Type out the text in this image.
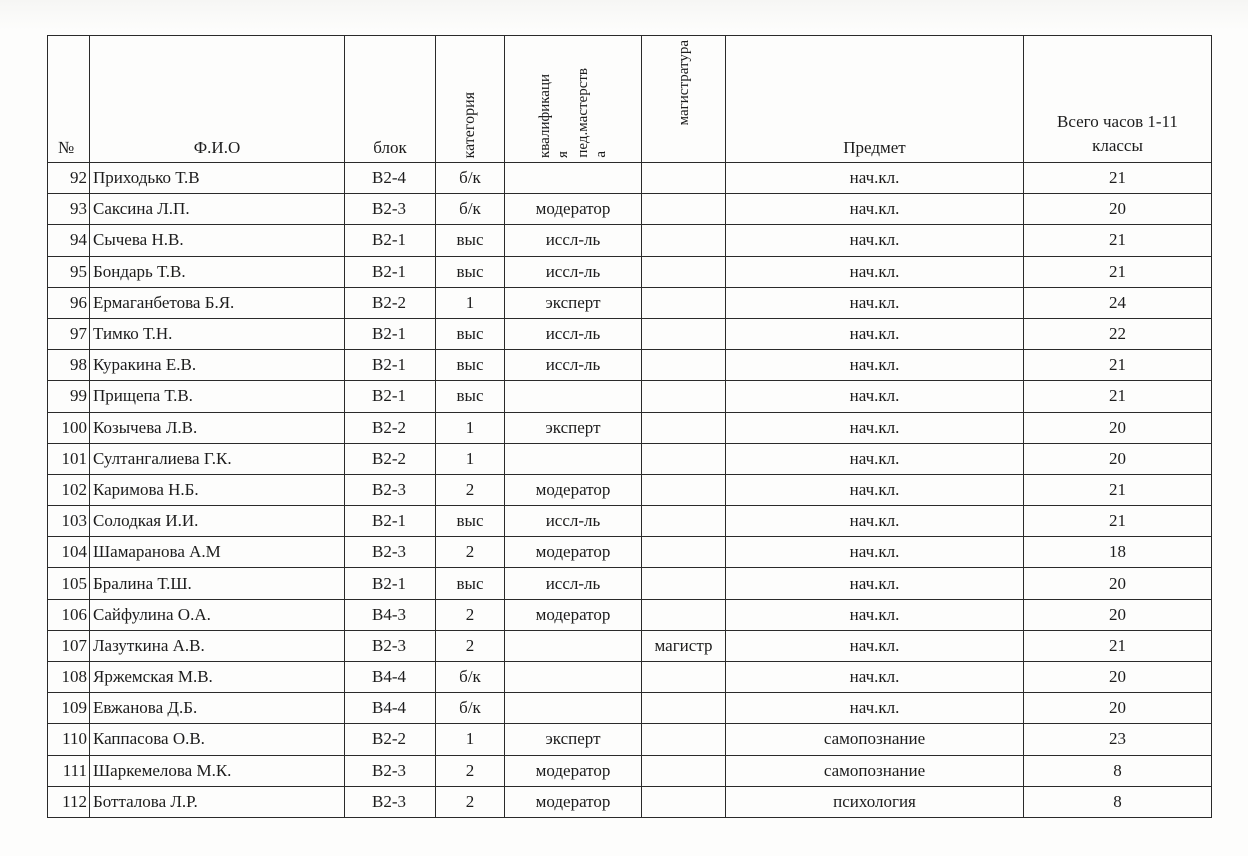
№	Ф.И.О	блок	категория	квалификаци я пед.мастерств а	магистратура	Предмет	Всего часов 1-11 классы
92	Приходько Т.В	В2-4	б/к			нач.кл.	21
93	Саксина Л.П.	В2-3	б/к	модератор		нач.кл.	20
94	Сычева Н.В.	В2-1	выс	иссл-ль		нач.кл.	21
95	Бондарь Т.В.	В2-1	выс	иссл-ль		нач.кл.	21
96	Ермаганбетова Б.Я.	В2-2	1	эксперт		нач.кл.	24
97	Тимко Т.Н.	В2-1	выс	иссл-ль		нач.кл.	22
98	Куракина Е.В.	В2-1	выс	иссл-ль		нач.кл.	21
99	Прищепа Т.В.	В2-1	выс			нач.кл.	21
100	Козычева Л.В.	В2-2	1	эксперт		нач.кл.	20
101	Султангалиева Г.К.	В2-2	1			нач.кл.	20
102	Каримова Н.Б.	В2-3	2	модератор		нач.кл.	21
103	Солодкая И.И.	В2-1	выс	иссл-ль		нач.кл.	21
104	Шамаранова А.М	В2-3	2	модератор		нач.кл.	18
105	Бралина Т.Ш.	В2-1	выс	иссл-ль		нач.кл.	20
106	Сайфулина О.А.	В4-3	2	модератор		нач.кл.	20
107	Лазуткина А.В.	В2-3	2		магистр	нач.кл.	21
108	Яржемская М.В.	В4-4	б/к			нач.кл.	20
109	Евжанова Д.Б.	В4-4	б/к			нач.кл.	20
110	Каппасова О.В.	В2-2	1	эксперт		самопознание	23
111	Шаркемелова М.К.	В2-3	2	модератор		самопознание	8
112	Ботталова Л.Р.	В2-3	2	модератор		психология	8
